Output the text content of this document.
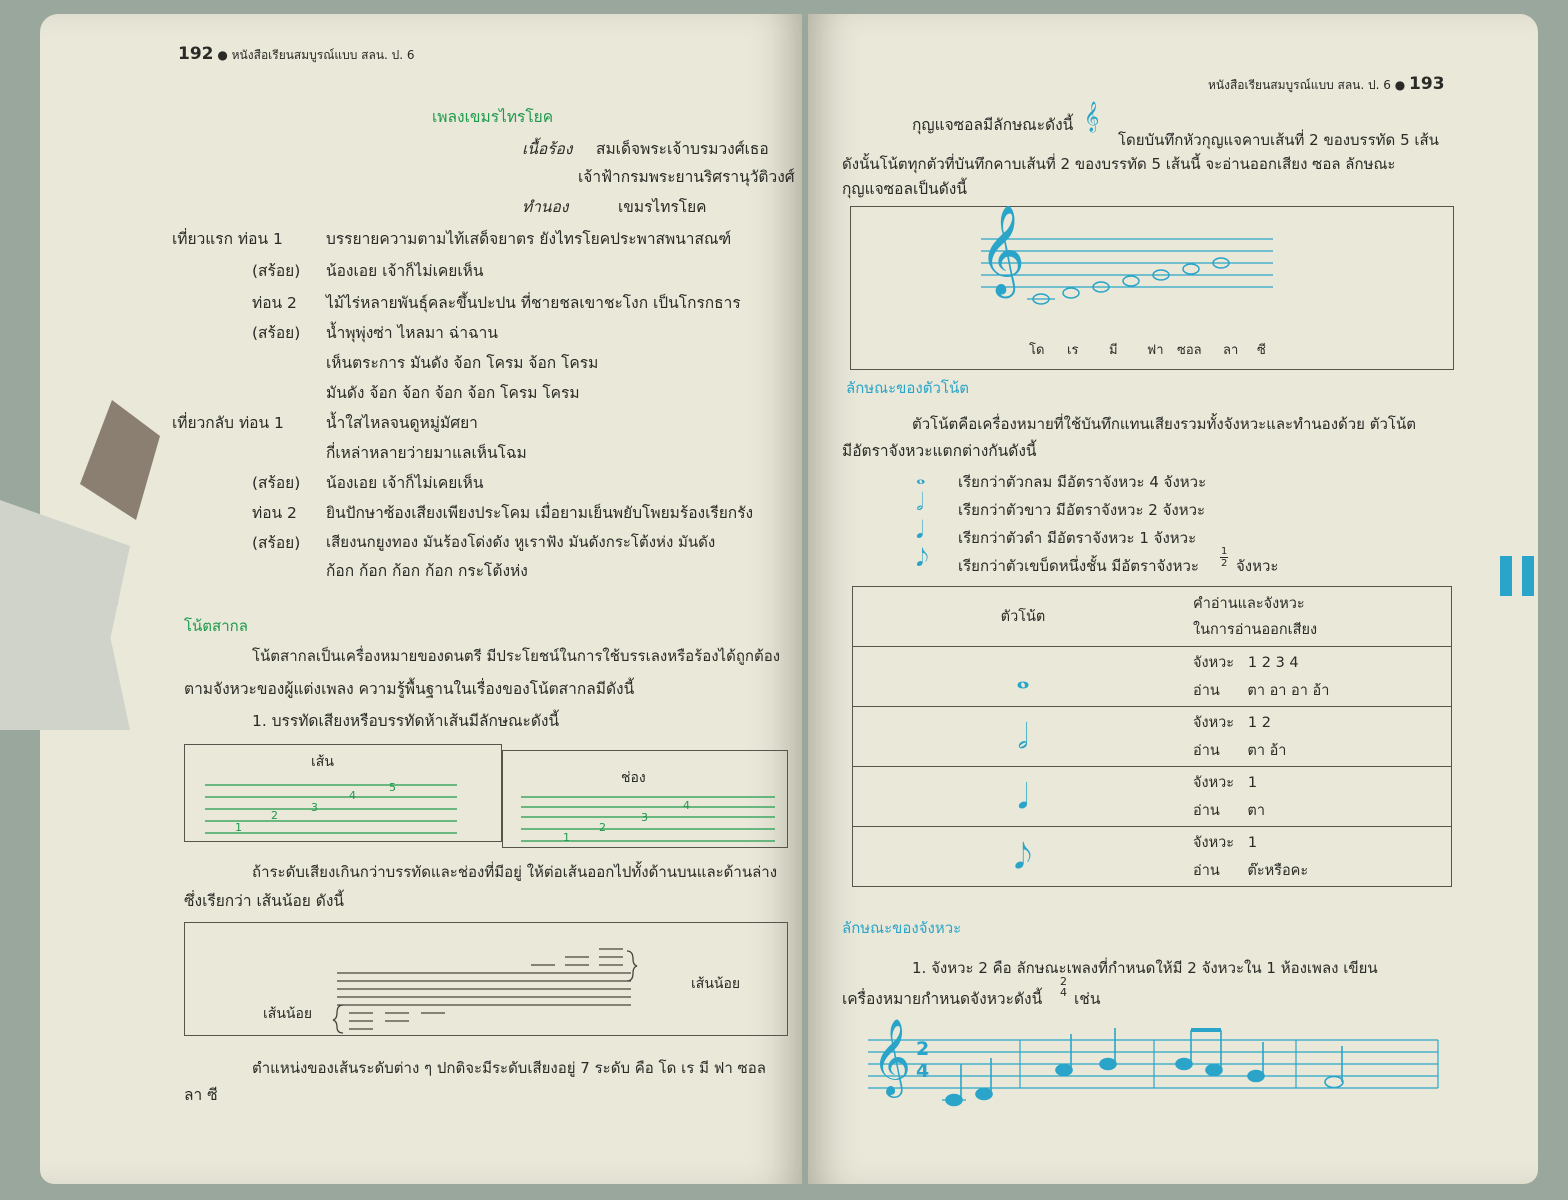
192 ● หนังสือเรียนสมบูรณ์แบบ สลน. ป. 6
เพลงเขมรไทรโยค
เนื้อร้อง สมเด็จพระเจ้าบรมวงศ์เธอ
เจ้าฟ้ากรมพระยานริศรานุวัติวงศ์
ทำนอง	เขมรไทรโยค
เที่ยวแรก ท่อน 1	บรรยายความตามไท้เสด็จยาตร ยังไทรโยคประพาสพนาสณฑ์
(สร้อย) น้องเอย เจ้าก็ไม่เคยเห็น
ท่อน 2 ไม้ไร่หลายพันธุ์คละขึ้นปะปน ที่ชายชลเขาชะโงก เป็นโกรกธาร
(สร้อย) น้ำพุพุ่งซ่า ไหลมา ฉ่าฉาน
เห็นตระการ มันดัง จ้อก โครม จ้อก โครม
มันดัง จ้อก จ้อก จ้อก จ้อก โครม โครม
เที่ยวกลับ ท่อน 1	น้ำใสไหลจนดูหมู่มัศยา
กี่เหล่าหลายว่ายมาแลเห็นโฉม
(สร้อย) น้องเอย เจ้าก็ไม่เคยเห็น
ท่อน 2 ยินปักษาซ้องเสียงเพียงประโคม เมื่อยามเย็นพยับโพยมร้องเรียกรัง
(สร้อย) เสียงนกยูงทอง มันร้องโด่งดัง หูเราฟัง มันดังกระโต้งห่ง มันดัง
ก้อก ก้อก ก้อก ก้อก กระโต้งห่ง
โน้ตสากล
โน้ตสากลเป็นเครื่องหมายของดนตรี มีประโยชน์ในการใช้บรรเลงหรือร้องได้ถูกต้อง
ตามจังหวะของผู้แต่งเพลง ความรู้พื้นฐานในเรื่องของโน้ตสากลมีดังนี้
1. บรรทัดเสียงหรือบรรทัดห้าเส้นมีลักษณะดังนี้
เส้น
1
2
3
4
5
ช่อง
1
2
3
4
ถ้าระดับเสียงเกินกว่าบรรทัดและช่องที่มีอยู่ ให้ต่อเส้นออกไปทั้งด้านบนและด้านล่าง
ซึ่งเรียกว่า เส้นน้อย ดังนี้
เส้นน้อย
เส้นน้อย
ตำแหน่งของเส้นระดับต่าง ๆ ปกติจะมีระดับเสียงอยู่ 7 ระดับ คือ โด เร มี ฟา ซอล
ลา ซี
หนังสือเรียนสมบูรณ์แบบ สลน. ป. 6 ● 193
กุญแจซอลมีลักษณะดังนี้ 𝄞
โดยบันทึกหัวกุญแจคาบเส้นที่ 2 ของบรรทัด 5 เส้น
ดังนั้นโน้ตทุกตัวที่บันทึกคาบเส้นที่ 2 ของบรรทัด 5 เส้นนี้ จะอ่านออกเสียง ซอล ลักษณะ
กุญแจซอลเป็นดังนี้
𝄞
โด เร มี ฟา ซอล ลา ซี
ลักษณะของตัวโน้ต
ตัวโน้ตคือเครื่องหมายที่ใช้บันทึกแทนเสียงรวมทั้งจังหวะและทำนองด้วย ตัวโน้ต
มีอัตราจังหวะแตกต่างกันดังนี้
𝅝 เรียกว่าตัวกลม มีอัตราจังหวะ 4 จังหวะ
𝅗𝅥 เรียกว่าตัวขาว มีอัตราจังหวะ 2 จังหวะ
𝅘𝅥 เรียกว่าตัวดำ มีอัตราจังหวะ 1 จังหวะ
𝅘𝅥𝅮 เรียกว่าตัวเขบ็ดหนึ่งชั้น มีอัตราจังหวะ $\frac{1}{2}$ จังหวะ
ตัวโน้ต	คำอ่านและจังหวะ
ในการอ่านออกเสียง

𝅝	จังหวะ 1 2 3 4
อ่าน ตา อา อา อ้า

𝅗𝅥	จังหวะ 1 2
อ่าน ตา อ้า

𝅘𝅥	จังหวะ 1
อ่าน ตา

𝅘𝅥𝅮	จังหวะ 1
อ่าน ต๊ะหรือคะ
ลักษณะของจังหวะ
1. จังหวะ 2 คือ ลักษณะเพลงที่กำหนดให้มี 2 จังหวะใน 1 ห้องเพลง เขียน
เครื่องหมายกำหนดจังหวะดังนี้
2
4 เช่น
𝄞 2
4
